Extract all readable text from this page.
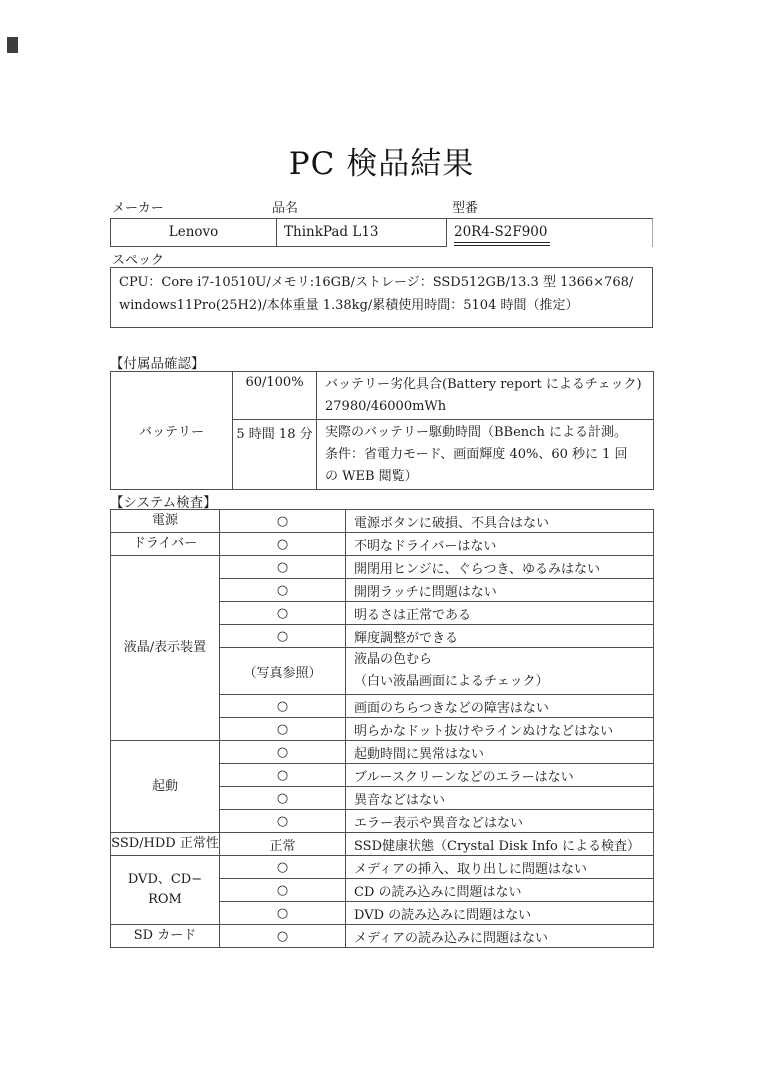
PC 検品結果
メーカー	品名	型番
Lenovo	ThinkPad L13	20R4-S2F900
スペック
CPU：Core i7-10510U/メモリ:16GB/ストレージ：SSD512GB/13.3 型 1366×768/
windows11Pro(25H2)/本体重量 1.38kg/累積使用時間：5104 時間（推定）
【付属品確認】
バッテリー	60/100%	バッテリー劣化具合(Battery report によるチェック)
27980/46000mWh

	5 時間 18 分	実際のバッテリー駆動時間（BBench による計測。
条件：省電力モード、画面輝度 40%、60 秒に 1 回
の WEB 閲覧）
【システム検査】
電源	○	電源ボタンに破損、不具合はない
ドライバー	○	不明なドライバーはない
液晶/表示装置	○	開閉用ヒンジに、ぐらつき、ゆるみはない
	○	開閉ラッチに問題はない
	○	明るさは正常である
	○	輝度調整ができる
	（写真参照）	液晶の色むら
（白い液晶画面によるチェック）

	○	画面のちらつきなどの障害はない
	○	明らかなドット抜けやラインぬけなどはない
起動	○	起動時間に異常はない
	○	ブルースクリーンなどのエラーはない
	○	異音などはない
	○	エラー表示や異音などはない
SSD/HDD 正常性	正常	SSD健康状態（Crystal Disk Info による検査）

DVD、CD−
ROM	○	メディアの挿入、取り出しに問題はない
	○	CD の読み込みに問題はない
	○	DVD の読み込みに問題はない
SD カード	○	メディアの読み込みに問題はない
